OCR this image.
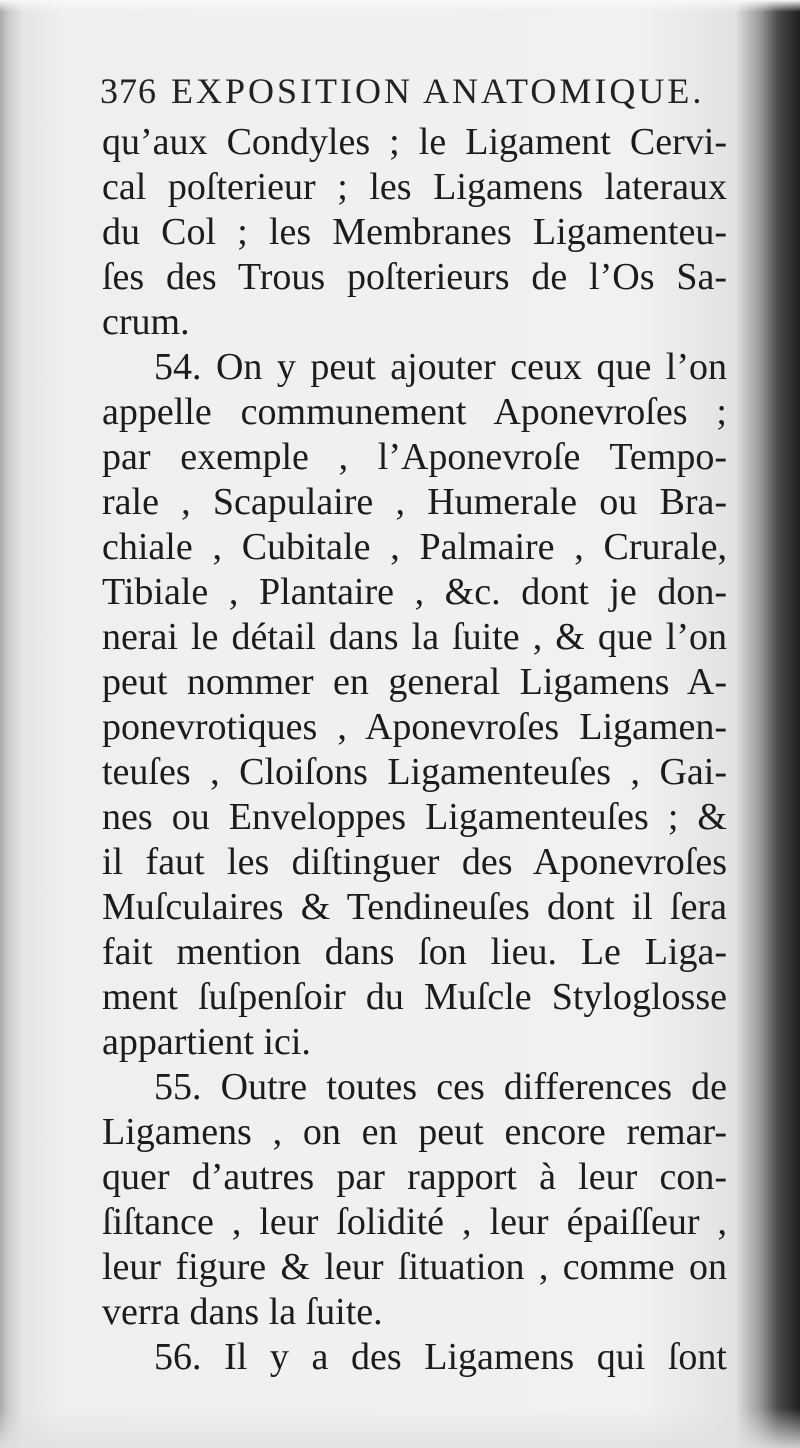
376 EXPOSITION ANATOMIQUE.
qu’aux Condyles ; le Ligament Cervi-
cal poſterieur ; les Ligamens lateraux
du Col ; les Membranes Ligamenteu-
ſes des Trous poſterieurs de l’Os Sa-
crum.
54. On y peut ajouter ceux que l’on
appelle communement Aponevroſes ;
par exemple , l’Aponevroſe Tempo-
rale , Scapulaire , Humerale ou Bra-
chiale , Cubitale , Palmaire , Crurale,
Tibiale , Plantaire , &c. dont je don-
nerai le détail dans la ſuite , & que l’on
peut nommer en general Ligamens A-
ponevrotiques , Aponevroſes Ligamen-
teuſes , Cloiſons Ligamenteuſes , Gai-
nes ou Enveloppes Ligamenteuſes ; &
il faut les diſtinguer des Aponevroſes
Muſculaires & Tendineuſes dont il ſera
fait mention dans ſon lieu. Le Liga-
ment ſuſpenſoir du Muſcle Styloglosse
appartient ici.
55. Outre toutes ces differences de
Ligamens , on en peut encore remar-
quer d’autres par rapport à leur con-
ſiſtance , leur ſolidité , leur épaiſſeur ,
leur figure & leur ſituation , comme on
verra dans la ſuite.
56. Il y a des Ligamens qui ſont
